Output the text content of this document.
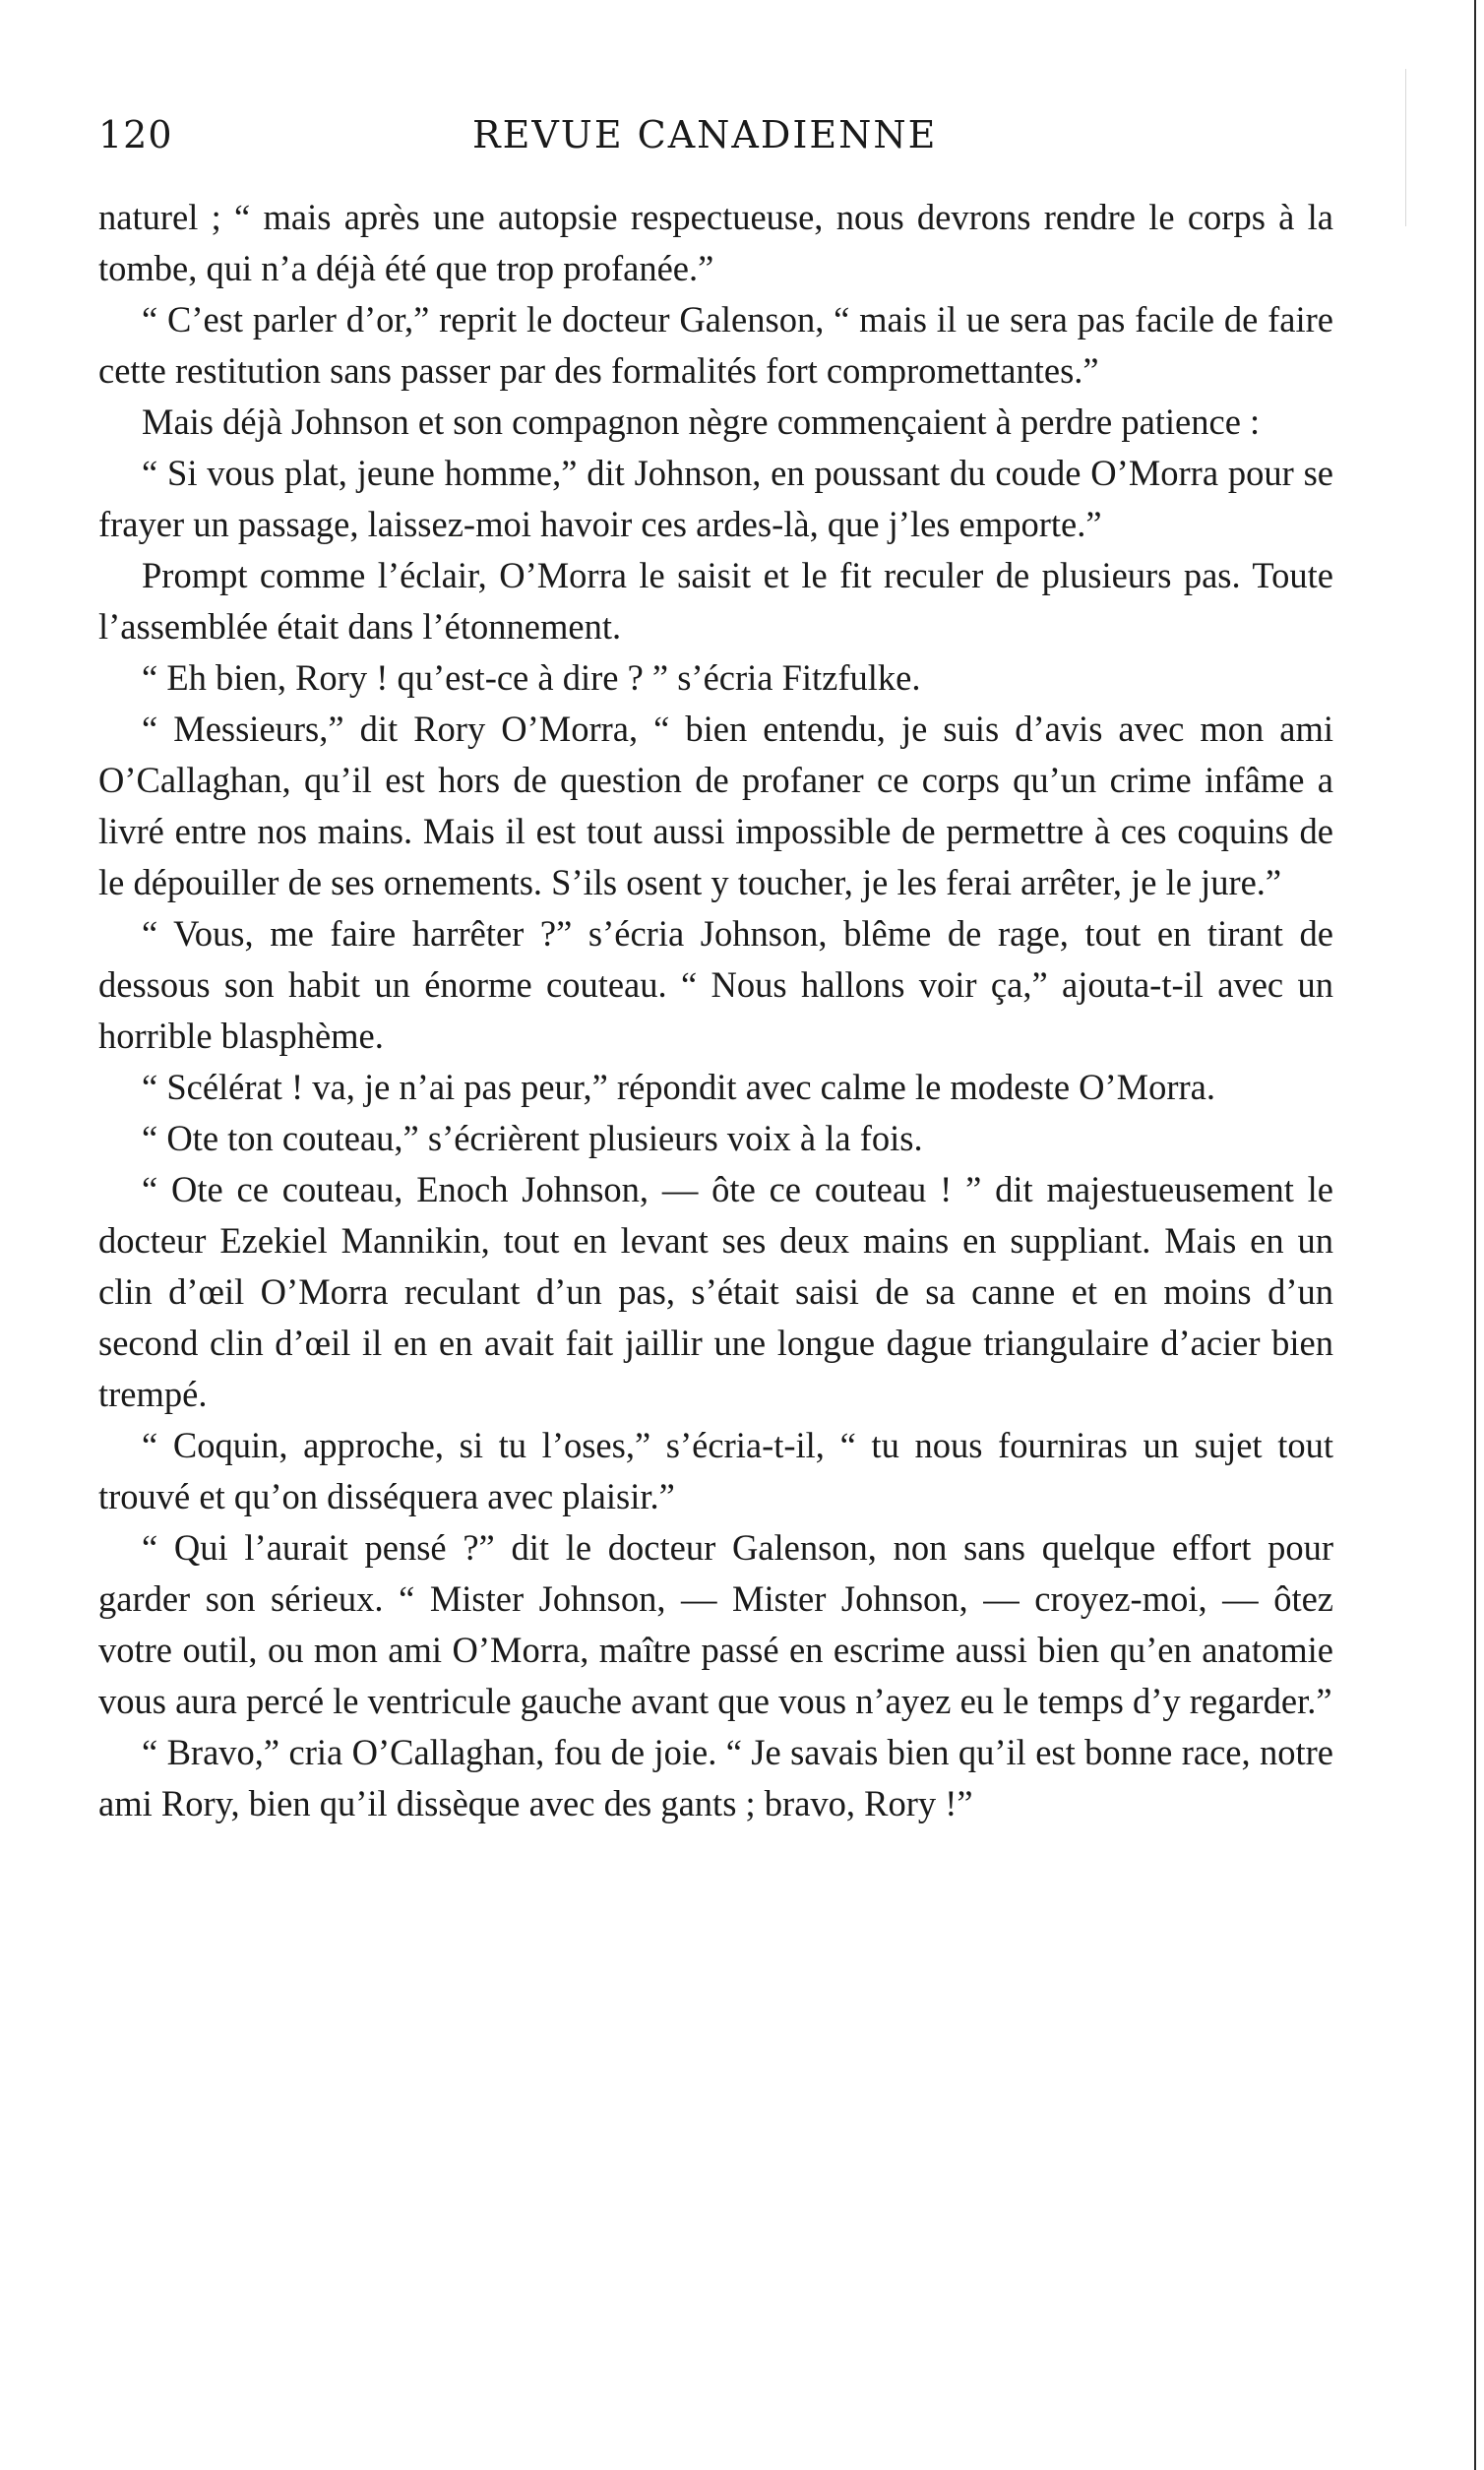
120	REVUE CANADIENNE

naturel ; “ mais après une autopsie respectueuse, nous devrons rendre le corps à la tombe, qui n’a déjà été que trop profanée.”

“ C’est parler d’or,” reprit le docteur Galenson, “ mais il ue sera pas facile de faire cette restitution sans passer par des formalités fort compromettantes.”

Mais déjà Johnson et son compagnon nègre commençaient à perdre patience :

“ Si vous plat, jeune homme,” dit Johnson, en poussant du coude O’Morra pour se frayer un passage, laissez-moi havoir ces ardes-là, que j’les emporte.”

Prompt comme l’éclair, O’Morra le saisit et le fit reculer de plusieurs pas. Toute l’assemblée était dans l’étonnement.

“ Eh bien, Rory ! qu’est-ce à dire ? ” s’écria Fitzfulke.

“ Messieurs,” dit Rory O’Morra, “ bien entendu, je suis d’avis avec mon ami O’Callaghan, qu’il est hors de question de profaner ce corps qu’un crime infâme a livré entre nos mains. Mais il est tout aussi impossible de permettre à ces coquins de le dépouiller de ses ornements. S’ils osent y toucher, je les ferai arrêter, je le jure.”

“ Vous, me faire harrêter ?” s’écria Johnson, blême de rage, tout en tirant de dessous son habit un énorme couteau. “ Nous hallons voir ça,” ajouta-t-il avec un horrible blasphème.

“ Scélérat ! va, je n’ai pas peur,” répondit avec calme le modeste O’Morra.

“ Ote ton couteau,” s’écrièrent plusieurs voix à la fois.

“ Ote ce couteau, Enoch Johnson, — ôte ce couteau ! ” dit majestueusement le docteur Ezekiel Mannikin, tout en levant ses deux mains en suppliant. Mais en un clin d’œil O’Morra reculant d’un pas, s’était saisi de sa canne et en moins d’un second clin d’œil il en en avait fait jaillir une longue dague triangulaire d’acier bien trempé.

“ Coquin, approche, si tu l’oses,” s’écria-t-il, “ tu nous fourniras un sujet tout trouvé et qu’on disséquera avec plaisir.”

“ Qui l’aurait pensé ?” dit le docteur Galenson, non sans quelque effort pour garder son sérieux. “ Mister Johnson, — Mister Johnson, — croyez-moi, — ôtez votre outil, ou mon ami O’Morra, maître passé en escrime aussi bien qu’en anatomie vous aura percé le ventricule gauche avant que vous n’ayez eu le temps d’y regarder.”

“ Bravo,” cria O’Callaghan, fou de joie. “ Je savais bien qu’il est bonne race, notre ami Rory, bien qu’il dissèque avec des gants ; bravo, Rory !”
